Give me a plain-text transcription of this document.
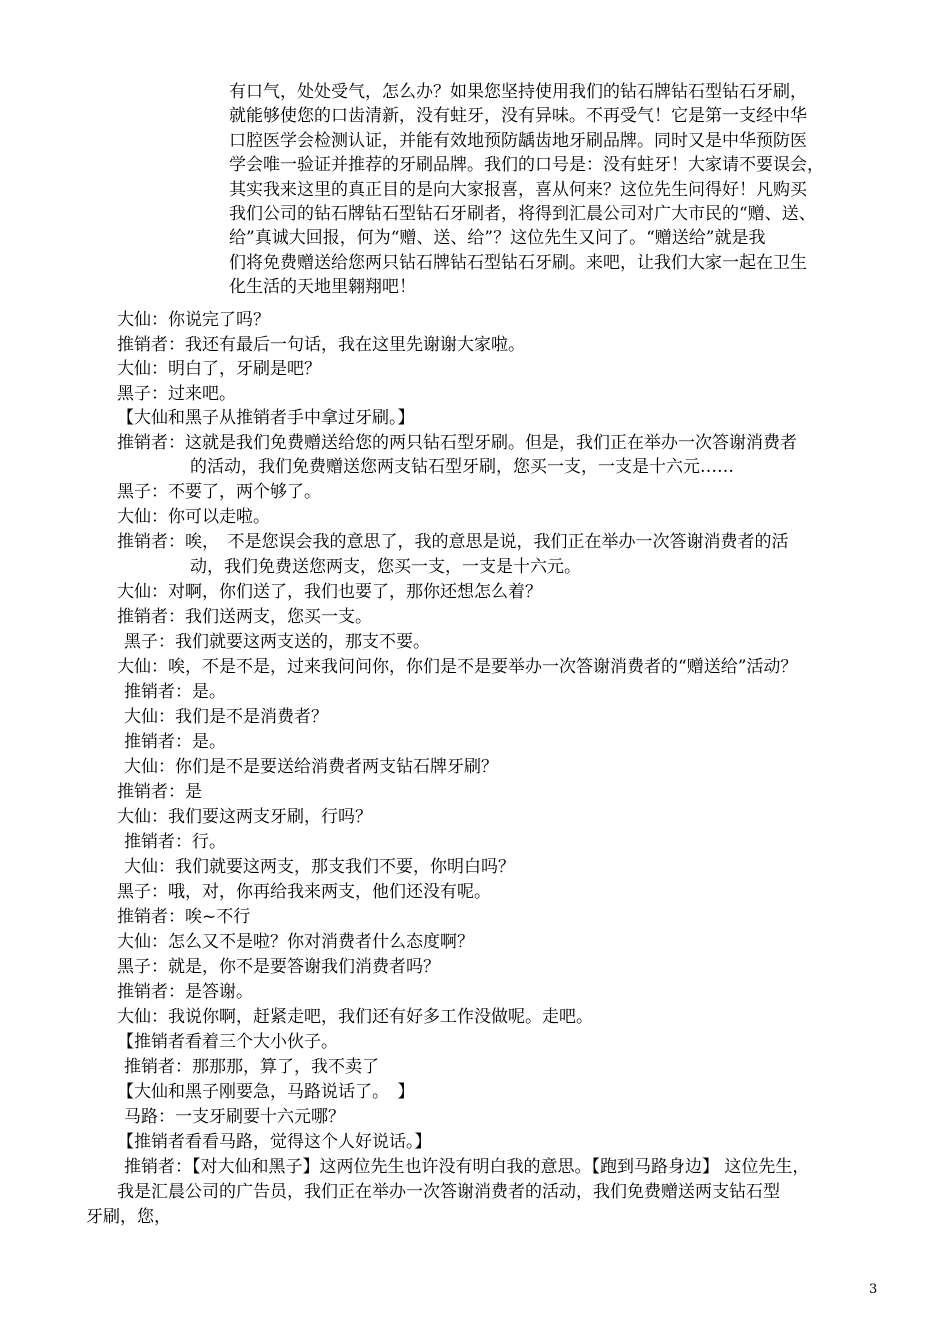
有口气，处处受气，怎么办？如果您坚持使用我们的钻石牌钻石型钻石牙刷，
就能够使您的口齿清新，没有蛀牙，没有异味。不再受气！它是第一支经中华
口腔医学会检测认证，并能有效地预防龋齿地牙刷品牌。同时又是中华预防医
学会唯一验证并推荐的牙刷品牌。我们的口号是：没有蛀牙！大家请不要误会，
其实我来这里的真正目的是向大家报喜，喜从何来？这位先生问得好！凡购买
我们公司的钻石牌钻石型钻石牙刷者，将得到汇晨公司对广大市民的“赠、送、
给”真诚大回报，何为“赠、送、给”？这位先生又问了。“赠送给”就是我
们将免费赠送给您两只钻石牌钻石型钻石牙刷。来吧，让我们大家一起在卫生
化生活的天地里翱翔吧！
大仙：你说完了吗？
推销者：我还有最后一句话，我在这里先谢谢大家啦。
大仙：明白了，牙刷是吧？
黑子：过来吧。
【大仙和黑子从推销者手中拿过牙刷。】
推销者：这就是我们免费赠送给您的两只钻石型牙刷。但是，我们正在举办一次答谢消费者
的活动，我们免费赠送您两支钻石型牙刷，您买一支，一支是十六元……
黑子：不要了，两个够了。
大仙：你可以走啦。
推销者：唉，　不是您误会我的意思了，我的意思是说，我们正在举办一次答谢消费者的活
动，我们免费送您两支，您买一支，一支是十六元。
大仙：对啊，你们送了，我们也要了，那你还想怎么着？
推销者：我们送两支，您买一支。
黑子：我们就要这两支送的，那支不要。
大仙：唉，不是不是，过来我问问你，你们是不是要举办一次答谢消费者的“赠送给”活动？
推销者：是。
大仙：我们是不是消费者？
推销者：是。
大仙：你们是不是要送给消费者两支钻石牌牙刷？
推销者：是
大仙：我们要这两支牙刷，行吗？
推销者：行。
大仙：我们就要这两支，那支我们不要，你明白吗？
黑子：哦，对，你再给我来两支，他们还没有呢。
推销者：唉~不行
大仙：怎么又不是啦？你对消费者什么态度啊？
黑子：就是，你不是要答谢我们消费者吗？
推销者：是答谢。
大仙：我说你啊，赶紧走吧，我们还有好多工作没做呢。走吧。
【推销者看着三个大小伙子。
推销者：那那那，算了，我不卖了
【大仙和黑子刚要急，马路说话了。　】
马路：一支牙刷要十六元哪？
【推销者看看马路，觉得这个人好说话。】
推销者：【对大仙和黑子】这两位先生也许没有明白我的意思。【跑到马路身边】 这位先生，
我是汇晨公司的广告员，我们正在举办一次答谢消费者的活动，我们免费赠送两支钻石型
牙刷，您，
3
